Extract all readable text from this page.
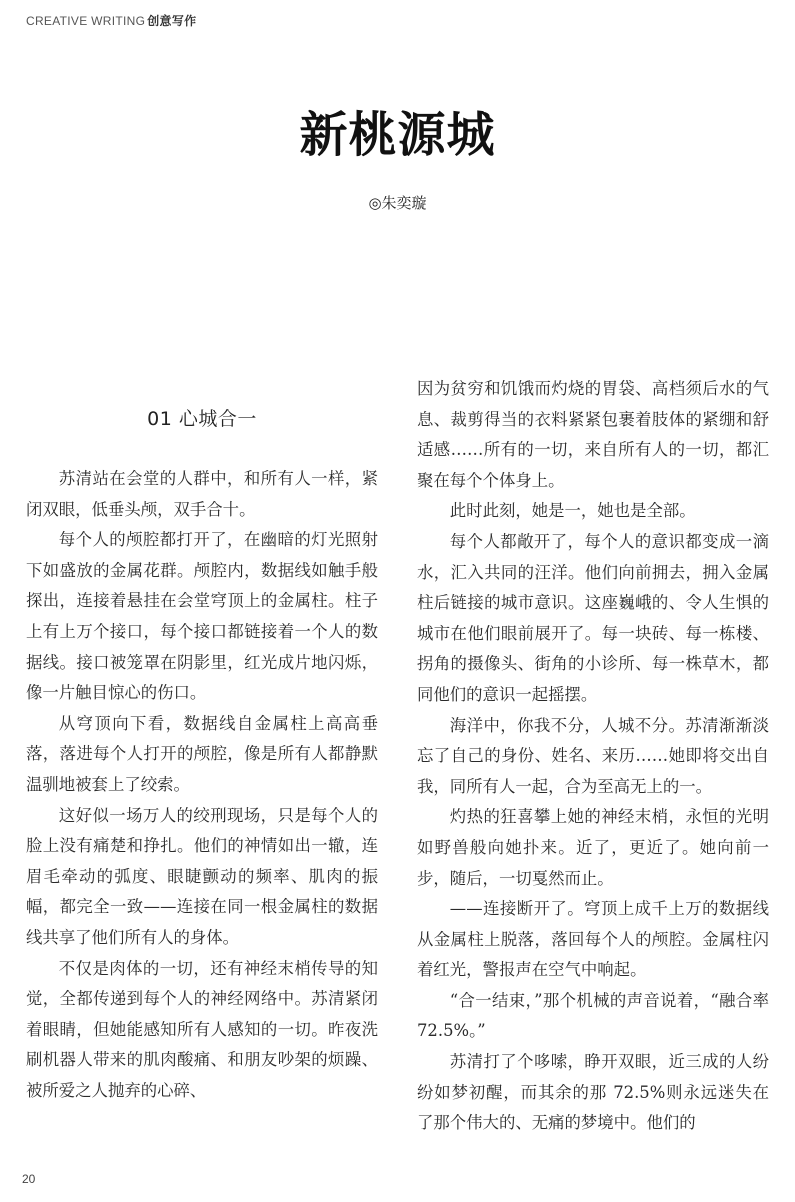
CREATIVE WRITING 创意写作
新桃源城
◎朱奕璇
01 心城合一

苏清站在会堂的人群中，和所有人一样，紧闭双眼，低垂头颅，双手合十。

每个人的颅腔都打开了，在幽暗的灯光照射下如盛放的金属花群。颅腔内，数据线如触手般探出，连接着悬挂在会堂穹顶上的金属柱。柱子上有上万个接口，每个接口都链接着一个人的数据线。接口被笼罩在阴影里，红光成片地闪烁，像一片触目惊心的伤口。

从穹顶向下看，数据线自金属柱上高高垂落，落进每个人打开的颅腔，像是所有人都静默温驯地被套上了绞索。

这好似一场万人的绞刑现场，只是每个人的脸上没有痛楚和挣扎。他们的神情如出一辙，连眉毛牵动的弧度、眼睫颤动的频率、肌肉的振幅，都完全一致——连接在同一根金属柱的数据线共享了他们所有人的身体。

不仅是肉体的一切，还有神经末梢传导的知觉，全都传递到每个人的神经网络中。苏清紧闭着眼睛，但她能感知所有人感知的一切。昨夜洗刷机器人带来的肌肉酸痛、和朋友吵架的烦躁、被所爱之人抛弃的心碎、

因为贫穷和饥饿而灼烧的胃袋、高档须后水的气息、裁剪得当的衣料紧紧包裹着肢体的紧绷和舒适感……所有的一切，来自所有人的一切，都汇聚在每个个体身上。

此时此刻，她是一，她也是全部。

每个人都敞开了，每个人的意识都变成一滴水，汇入共同的汪洋。他们向前拥去，拥入金属柱后链接的城市意识。这座巍峨的、令人生惧的城市在他们眼前展开了。每一块砖、每一栋楼、拐角的摄像头、街角的小诊所、每一株草木，都同他们的意识一起摇摆。

海洋中，你我不分，人城不分。苏清渐渐淡忘了自己的身份、姓名、来历……她即将交出自我，同所有人一起，合为至高无上的一。

灼热的狂喜攀上她的神经末梢，永恒的光明如野兽般向她扑来。近了，更近了。她向前一步，随后，一切戛然而止。

——连接断开了。穹顶上成千上万的数据线从金属柱上脱落，落回每个人的颅腔。金属柱闪着红光，警报声在空气中响起。

“合一结束，”那个机械的声音说着，“融合率 72.5%。”

苏清打了个哆嗦，睁开双眼，近三成的人纷纷如梦初醒，而其余的那 72.5%则永远迷失在了那个伟大的、无痛的梦境中。他们的

20
